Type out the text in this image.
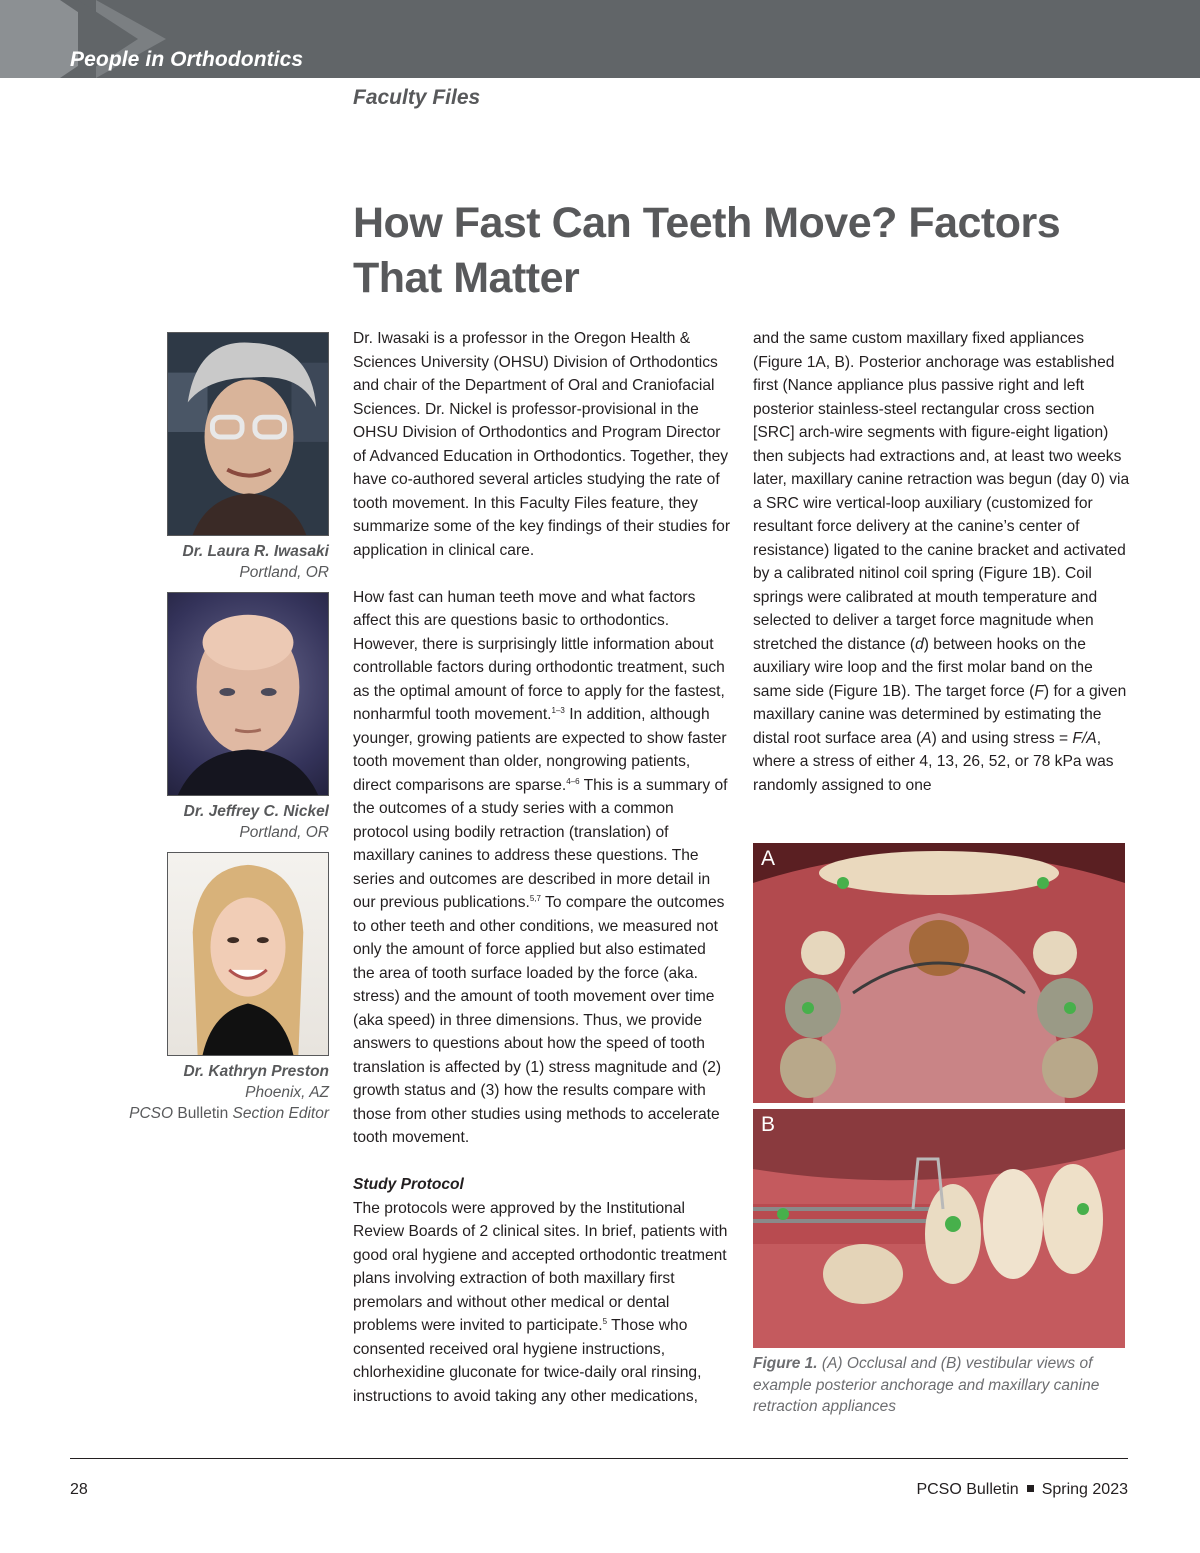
People in Orthodontics
Faculty Files
How Fast Can Teeth Move? Factors
That Matter
Dr. Laura R. Iwasaki
Portland, OR
Dr. Jeffrey C. Nickel
Portland, OR
Dr. Kathryn Preston
Phoenix, AZ
PCSO Bulletin Section Editor

Dr. Iwasaki is a professor in the Oregon Health & Sciences University (OHSU) Division of Orthodontics and chair of the Department of Oral and Craniofacial Sciences. Dr. Nickel is professor-provisional in the OHSU Division of Orthodontics and Program Director of Advanced Education in Orthodontics. Together, they have co-authored several articles studying the rate of tooth movement. In this Faculty Files feature, they summarize some of the key findings of their studies for application in clinical care.

How fast can human teeth move and what factors affect this are questions basic to orthodontics. However, there is surprisingly little information about controllable factors during orthodontic treatment, such as the optimal amount of force to apply for the fastest, nonharmful tooth movement.$^{1-3}$ In addition, although younger, growing patients are expected to show faster tooth movement than older, nongrowing patients, direct comparisons are sparse.$^{4-6}$ This is a summary of the outcomes of a study series with a common protocol using bodily retraction (translation) of maxillary canines to address these questions. The series and outcomes are described in more detail in our previous publications.$^{5,7}$ To compare the outcomes to other teeth and other conditions, we measured not only the amount of force applied but also estimated the area of tooth surface loaded by the force (aka. stress) and the amount of tooth movement over time (aka speed) in three dimensions. Thus, we provide answers to questions about how the speed of tooth translation is affected by (1) stress magnitude and (2) growth status and (3) how the results compare with those from other studies using methods to accelerate tooth movement.

Study Protocol

The protocols were approved by the Institutional Review Boards of 2 clinical sites. In brief, patients with good oral hygiene and accepted orthodontic treatment plans involving extraction of both maxillary first premolars and without other medical or dental problems were invited to participate.$^5$ Those who consented received oral hygiene instructions, chlorhexidine gluconate for twice-daily oral rinsing, instructions to avoid taking any other medications,

and the same custom maxillary fixed appliances (Figure 1A, B). Posterior anchorage was established first (Nance appliance plus passive right and left posterior stainless-steel rectangular cross section [SRC] arch-wire segments with figure-eight ligation) then subjects had extractions and, at least two weeks later, maxillary canine retraction was begun (day 0) via a SRC wire vertical-loop auxiliary (customized for resultant force delivery at the canine’s center of resistance) ligated to the canine bracket and activated by a calibrated nitinol coil spring (Figure 1B). Coil springs were calibrated at mouth temperature and selected to deliver a target force magnitude when stretched the distance (d) between hooks on the auxiliary wire loop and the first molar band on the same side (Figure 1B). The target force (F) for a given maxillary canine was determined by estimating the distal root surface area (A) and using stress = F/A, where a stress of either 4, 13, 26, 52, or 78 kPa was randomly assigned to one

A
B
Figure 1. (A) Occlusal and (B) vestibular views of example posterior anchorage and maxillary canine retraction appliances
28	PCSO Bulletin Spring 2023
